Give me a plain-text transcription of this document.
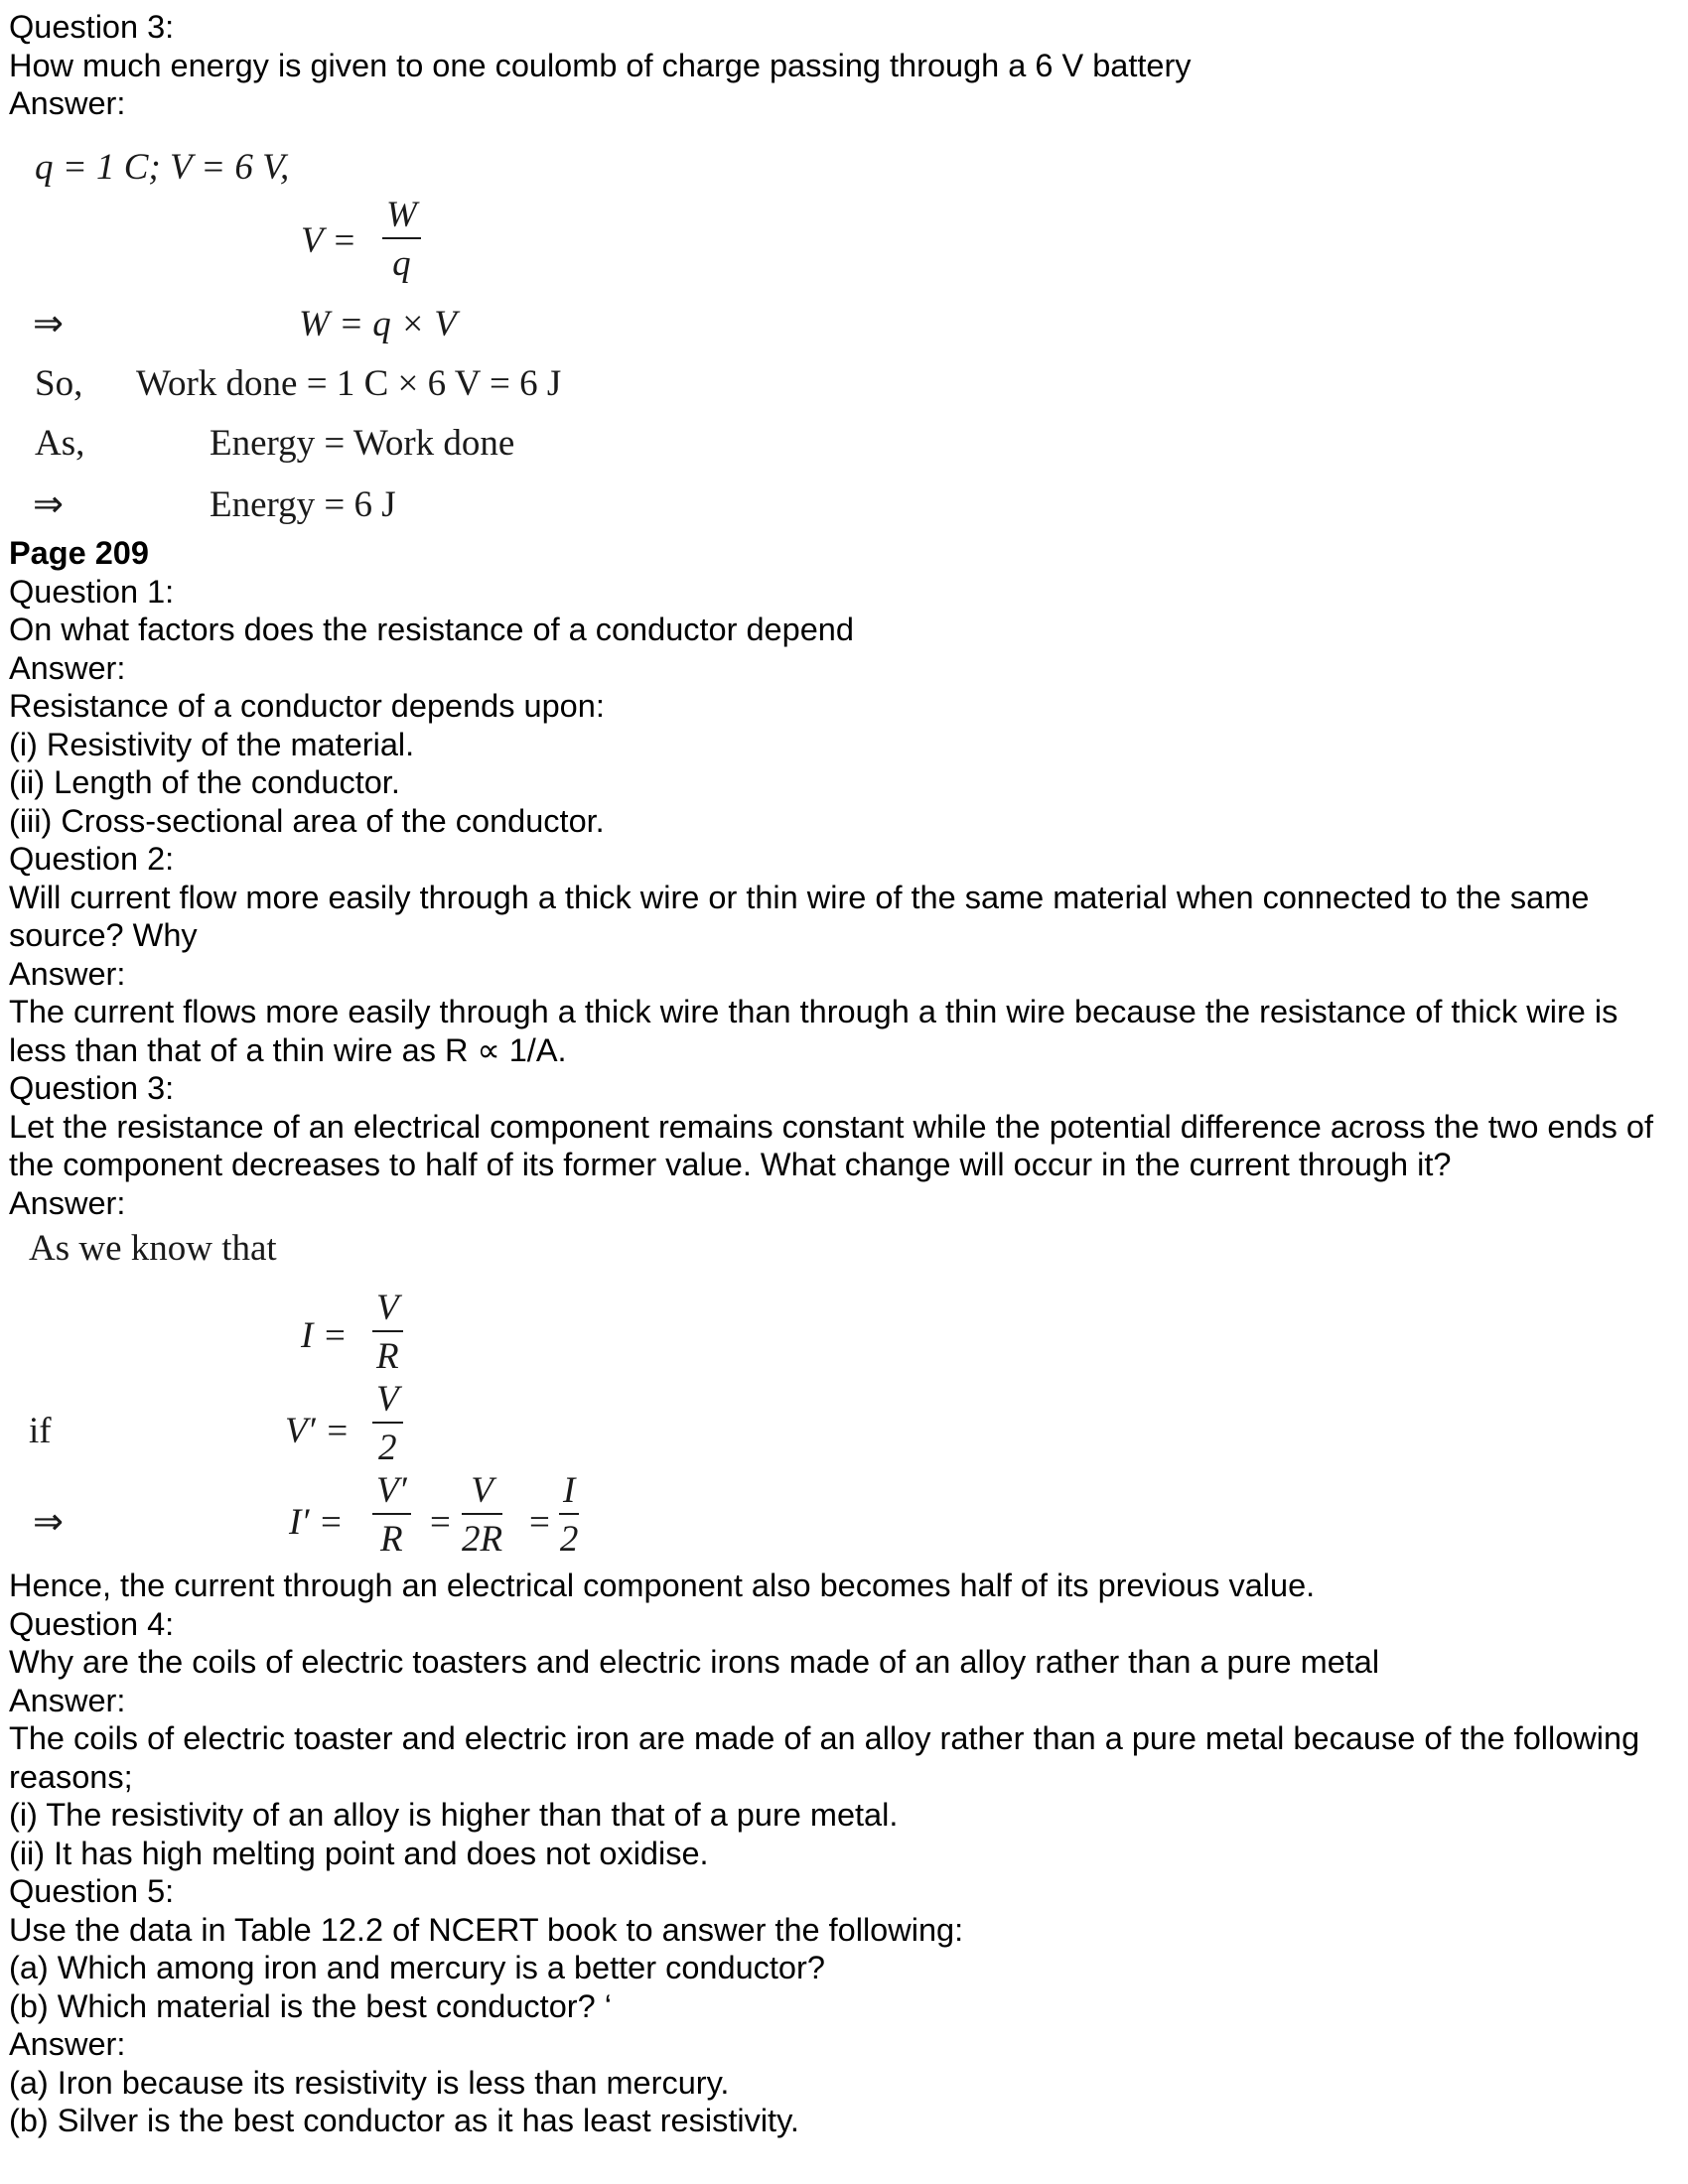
Question 3:

How much energy is given to one coulomb of charge passing through a 6 V battery

Answer:

q = 1 C; V = 6 V,
V =
W
q
⇒	W = q × V
So, Work done = 1 C × 6 V = 6 J
As,	Energy = Work done
⇒	Energy = 6 J

Page 209

Question 1:

On what factors does the resistance of a conductor depend

Answer:

Resistance of a conductor depends upon:

(i) Resistivity of the material.

(ii) Length of the conductor.

(iii) Cross-sectional area of the conductor.

Question 2:

Will current flow more easily through a thick wire or thin wire of the same material when connected to the same source? Why

Answer:

The current flows more easily through a thick wire than through a thin wire because the resistance of thick wire is less than that of a thin wire as R ∝ 1/A.

Question 3:

Let the resistance of an electrical component remains constant while the potential difference across the two ends of the component decreases to half of its former value. What change will occur in the current through it?

Answer:

As we know that
I =
V
R
if	V′ =
V
2
⇒	I′ =
V′
R =
V
2R =
I
2

Hence, the current through an electrical component also becomes half of its previous value.

Question 4:

Why are the coils of electric toasters and electric irons made of an alloy rather than a pure metal

Answer:

The coils of electric toaster and electric iron are made of an alloy rather than a pure metal because of the following reasons;

(i) The resistivity of an alloy is higher than that of a pure metal.

(ii) It has high melting point and does not oxidise.

Question 5:

Use the data in Table 12.2 of NCERT book to answer the following:

(a) Which among iron and mercury is a better conductor?

(b) Which material is the best conductor? ‘

Answer:

(a) Iron because its resistivity is less than mercury.

(b) Silver is the best conductor as it has least resistivity.
